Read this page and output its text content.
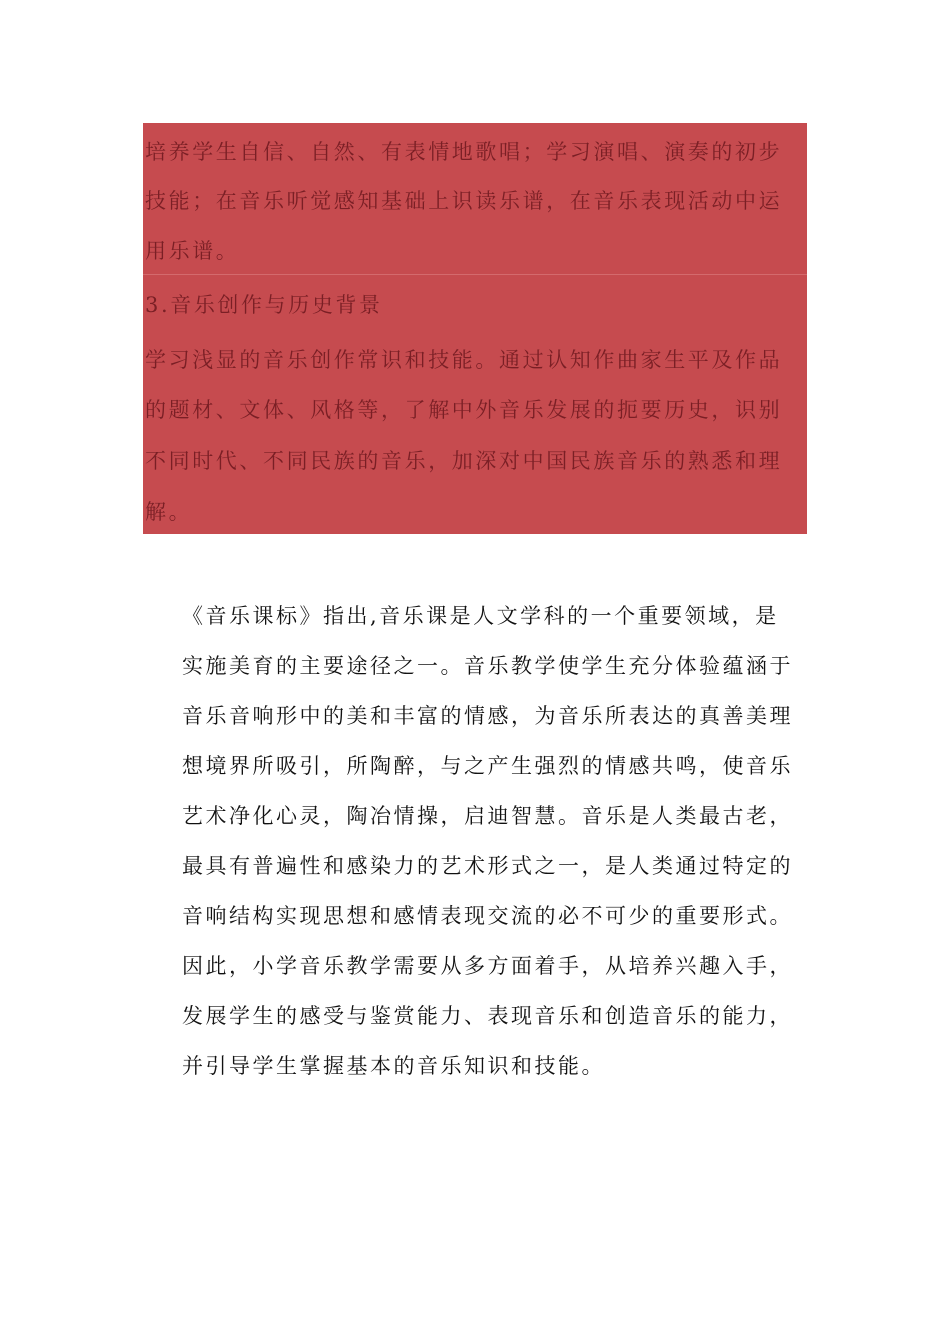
培养学生自信、自然、有表情地歌唱；学习演唱、演奏的初步
技能；在音乐听觉感知基础上识读乐谱，在音乐表现活动中运
用乐谱。
3.音乐创作与历史背景
学习浅显的音乐创作常识和技能。通过认知作曲家生平及作品
的题材、文体、风格等，了解中外音乐发展的扼要历史，识别
不同时代、不同民族的音乐，加深对中国民族音乐的熟悉和理
解。
《音乐课标》指出,音乐课是人文学科的一个重要领域，是
实施美育的主要途径之一。音乐教学使学生充分体验蕴涵于
音乐音响形中的美和丰富的情感，为音乐所表达的真善美理
想境界所吸引，所陶醉，与之产生强烈的情感共鸣，使音乐
艺术净化心灵，陶冶情操，启迪智慧。音乐是人类最古老，
最具有普遍性和感染力的艺术形式之一，是人类通过特定的
音响结构实现思想和感情表现交流的必不可少的重要形式。
因此，小学音乐教学需要从多方面着手，从培养兴趣入手，
发展学生的感受与鉴赏能力、表现音乐和创造音乐的能力，
并引导学生掌握基本的音乐知识和技能。
